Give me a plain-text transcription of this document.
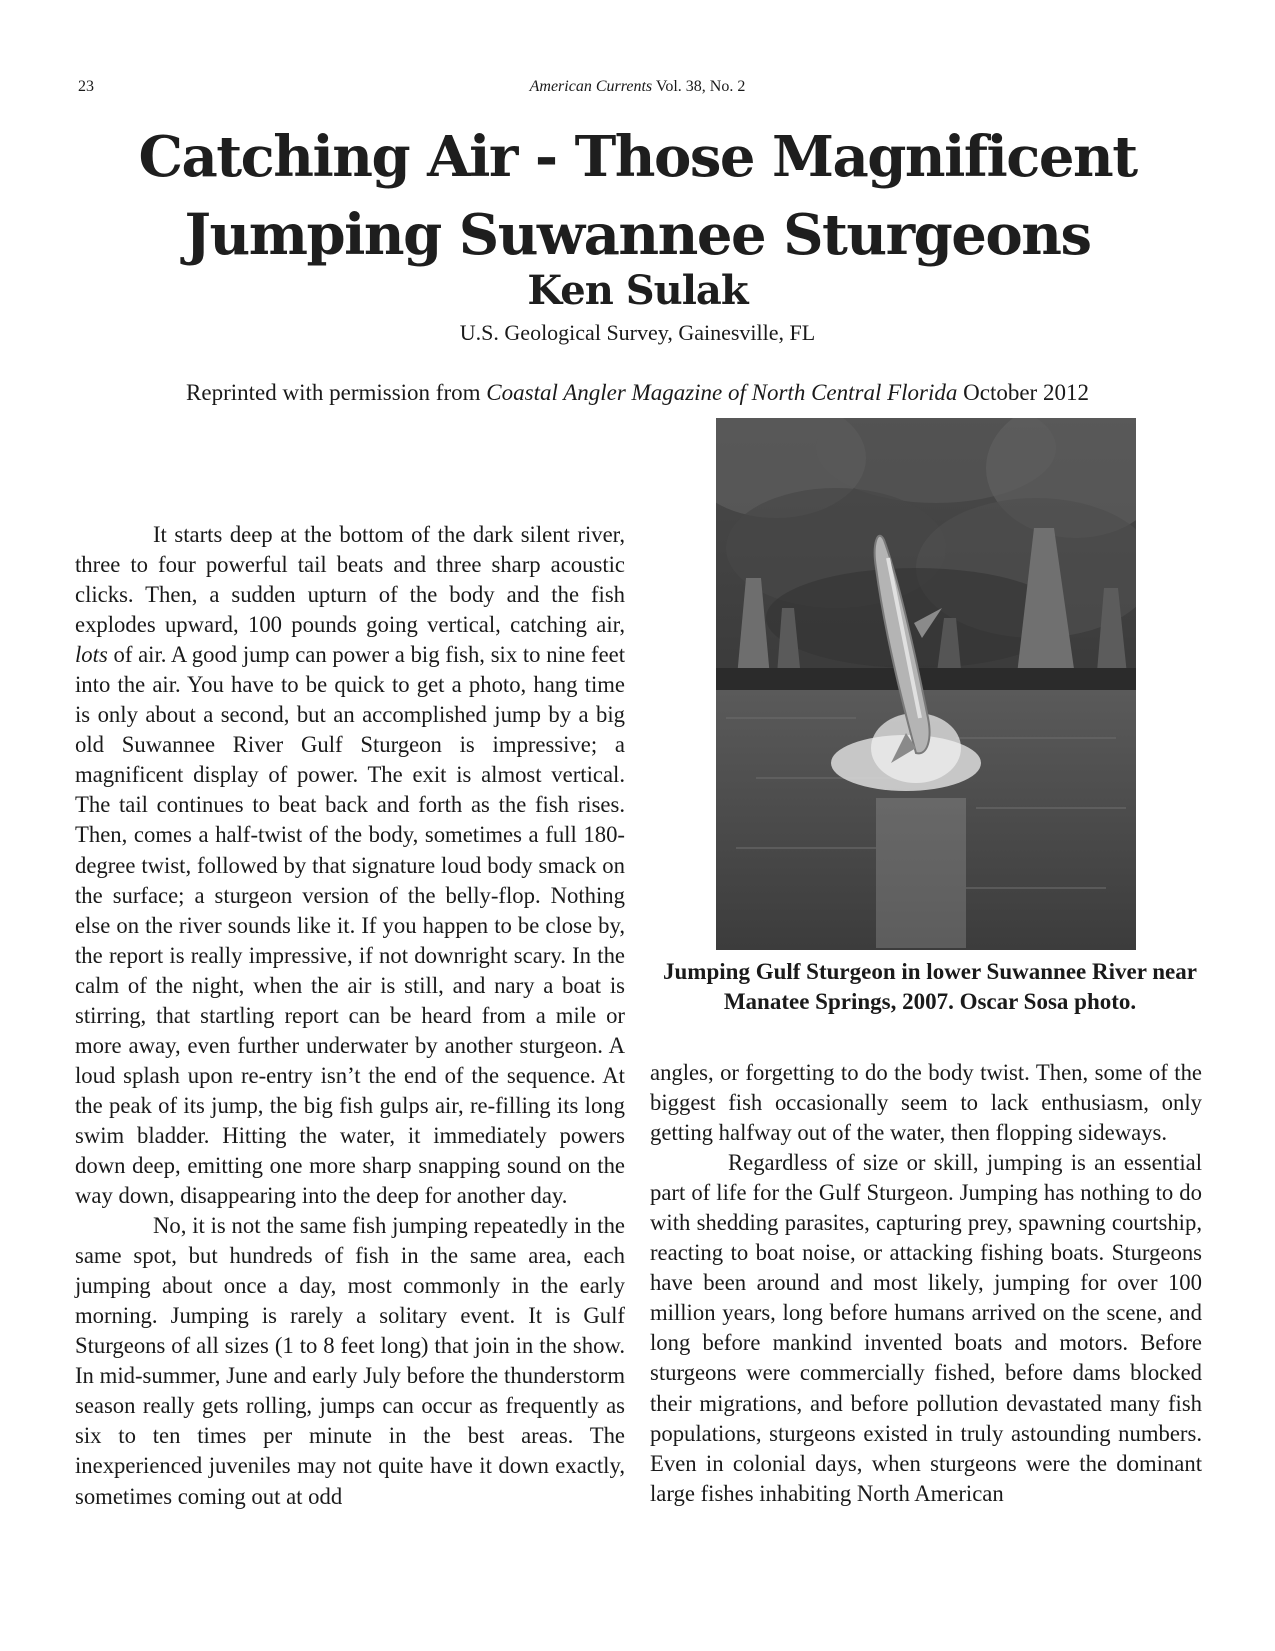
23	American Currents Vol. 38, No. 2
Catching Air - Those Magnificent Jumping Suwannee Sturgeons
Ken Sulak
U.S. Geological Survey, Gainesville, FL
Reprinted with permission from Coastal Angler Magazine of North Central Florida October 2012

It starts deep at the bottom of the dark silent river, three to four powerful tail beats and three sharp acoustic clicks. Then, a sudden upturn of the body and the fish explodes upward, 100 pounds going vertical, catching air, lots of air. A good jump can power a big fish, six to nine feet into the air. You have to be quick to get a photo, hang time is only about a second, but an accomplished jump by a big old Suwannee River Gulf Sturgeon is impressive; a magnificent display of power. The exit is almost vertical. The tail continues to beat back and forth as the fish rises. Then, comes a half-twist of the body, sometimes a full 180-degree twist, followed by that signature loud body smack on the surface; a sturgeon version of the belly-flop. Nothing else on the river sounds like it. If you happen to be close by, the report is really impressive, if not downright scary. In the calm of the night, when the air is still, and nary a boat is stirring, that startling report can be heard from a mile or more away, even further underwater by another sturgeon. A loud splash upon re-entry isn’t the end of the sequence. At the peak of its jump, the big fish gulps air, re-filling its long swim bladder. Hitting the water, it immediately powers down deep, emitting one more sharp snapping sound on the way down, disappearing into the deep for another day.

No, it is not the same fish jumping repeatedly in the same spot, but hundreds of fish in the same area, each jumping about once a day, most commonly in the early morning. Jumping is rarely a solitary event. It is Gulf Sturgeons of all sizes (1 to 8 feet long) that join in the show. In mid-summer, June and early July before the thunderstorm season really gets rolling, jumps can occur as frequently as six to ten times per minute in the best areas. The inexperienced juveniles may not quite have it down exactly, sometimes coming out at odd

Jumping Gulf Sturgeon in lower Suwannee River near Manatee Springs, 2007. Oscar Sosa photo.

angles, or forgetting to do the body twist. Then, some of the biggest fish occasionally seem to lack enthusiasm, only getting halfway out of the water, then flopping sideways.

Regardless of size or skill, jumping is an essential part of life for the Gulf Sturgeon. Jumping has nothing to do with shedding parasites, capturing prey, spawning courtship, reacting to boat noise, or attacking fishing boats. Sturgeons have been around and most likely, jumping for over 100 million years, long before humans arrived on the scene, and long before mankind invented boats and motors. Before sturgeons were commercially fished, before dams blocked their migrations, and before pollution devastated many fish populations, sturgeons existed in truly astounding numbers. Even in colonial days, when sturgeons were the dominant large fishes inhabiting North American
